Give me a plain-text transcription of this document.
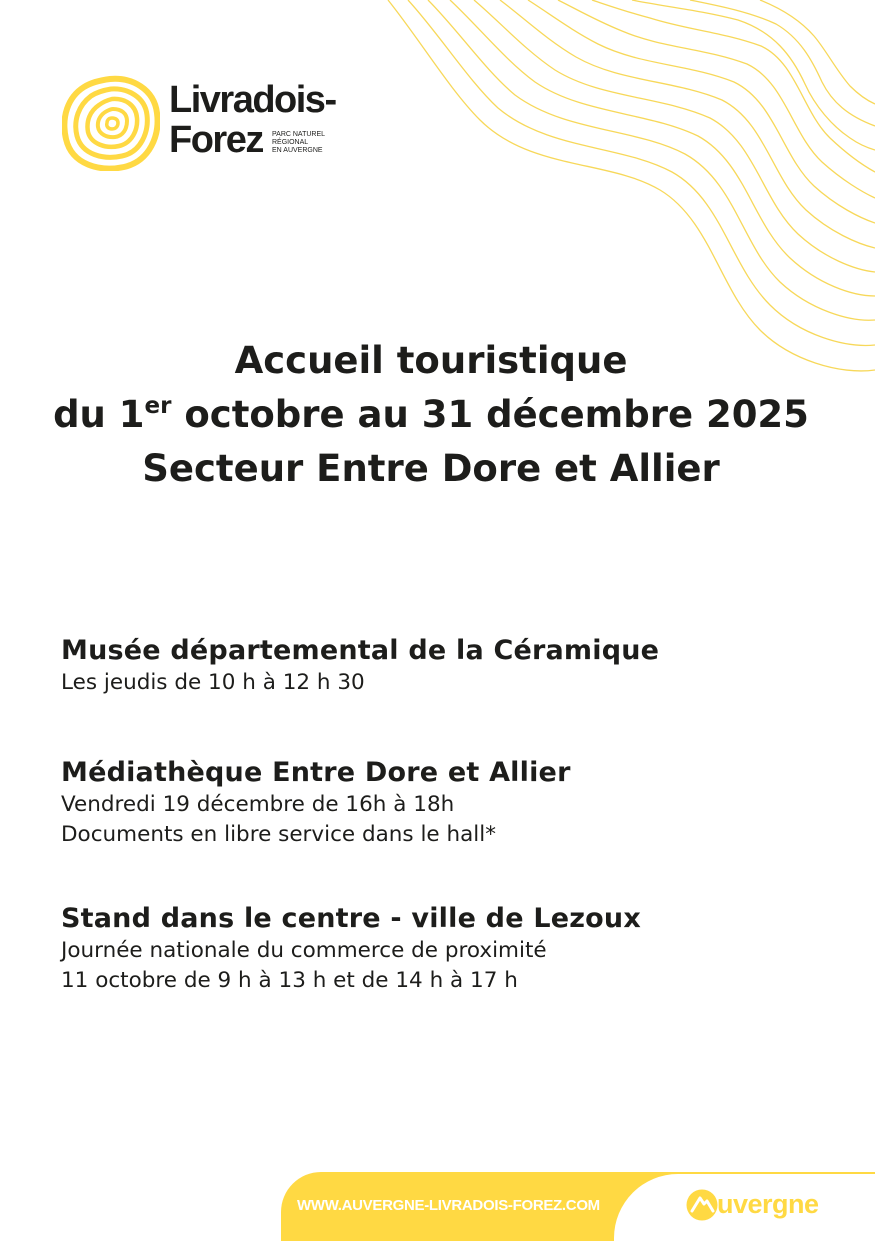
Livradois-
Forez PARC NATUREL
RÉGIONAL
EN AUVERGNE
Accueil touristique
du 1er octobre au 31 décembre 2025
Secteur Entre Dore et Allier
Musée départemental de la Céramique
Les jeudis de 10 h à 12 h 30
Médiathèque Entre Dore et Allier
Vendredi 19 décembre de 16h à 18h
Documents en libre service dans le hall*
Stand dans le centre - ville de Lezoux
Journée nationale du commerce de proximité
11 octobre de 9 h à 13 h et de 14 h à 17 h
WWW.AUVERGNE-LIVRADOIS-FOREZ.COM	uvergne
